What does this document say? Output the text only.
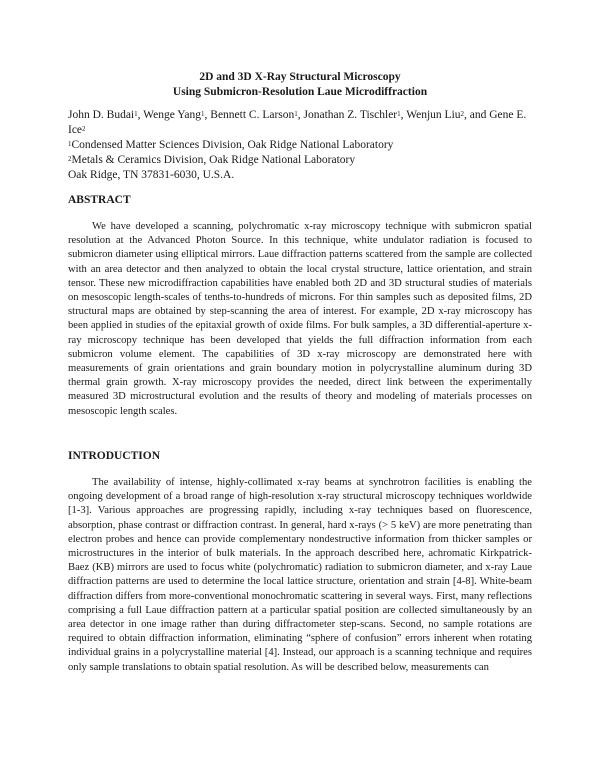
2D and 3D X-Ray Structural Microscopy
Using Submicron-Resolution Laue Microdiffraction
John D. Budai$^1$, Wenge Yang$^1$, Bennett C. Larson$^1$, Jonathan Z. Tischler$^1$, Wenjun Liu$^2$, and Gene E. Ice$^2$
$^1$Condensed Matter Sciences Division, Oak Ridge National Laboratory
$^2$Metals & Ceramics Division, Oak Ridge National Laboratory
Oak Ridge, TN 37831-6030, U.S.A.
ABSTRACT

We have developed a scanning, polychromatic x-ray microscopy technique with submicron spatial resolution at the Advanced Photon Source. In this technique, white undulator radiation is focused to submicron diameter using elliptical mirrors. Laue diffraction patterns scattered from the sample are collected with an area detector and then analyzed to obtain the local crystal structure, lattice orientation, and strain tensor. These new microdiffraction capabilities have enabled both 2D and 3D structural studies of materials on mesoscopic length-scales of tenths-to-hundreds of microns. For thin samples such as deposited films, 2D structural maps are obtained by step-scanning the area of interest. For example, 2D x-ray microscopy has been applied in studies of the epitaxial growth of oxide films. For bulk samples, a 3D differential-aperture x-ray microscopy technique has been developed that yields the full diffraction information from each submicron volume element. The capabilities of 3D x-ray microscopy are demonstrated here with measurements of grain orientations and grain boundary motion in polycrystalline aluminum during 3D thermal grain growth. X-ray microscopy provides the needed, direct link between the experimentally measured 3D microstructural evolution and the results of theory and modeling of materials processes on mesoscopic length scales.

INTRODUCTION

The availability of intense, highly-collimated x-ray beams at synchrotron facilities is enabling the ongoing development of a broad range of high-resolution x-ray structural microscopy techniques worldwide [1-3]. Various approaches are progressing rapidly, including x-ray techniques based on fluorescence, absorption, phase contrast or diffraction contrast. In general, hard x-rays (> 5 keV) are more penetrating than electron probes and hence can provide complementary nondestructive information from thicker samples or microstructures in the interior of bulk materials. In the approach described here, achromatic Kirkpatrick-Baez (KB) mirrors are used to focus white (polychromatic) radiation to submicron diameter, and x-ray Laue diffraction patterns are used to determine the local lattice structure, orientation and strain [4-8]. White-beam diffraction differs from more-conventional monochromatic scattering in several ways. First, many reflections comprising a full Laue diffraction pattern at a particular spatial position are collected simultaneously by an area detector in one image rather than during diffractometer step-scans. Second, no sample rotations are required to obtain diffraction information, eliminating “sphere of confusion” errors inherent when rotating individual grains in a polycrystalline material [4]. Instead, our approach is a scanning technique and requires only sample translations to obtain spatial resolution. As will be described below, measurements can
